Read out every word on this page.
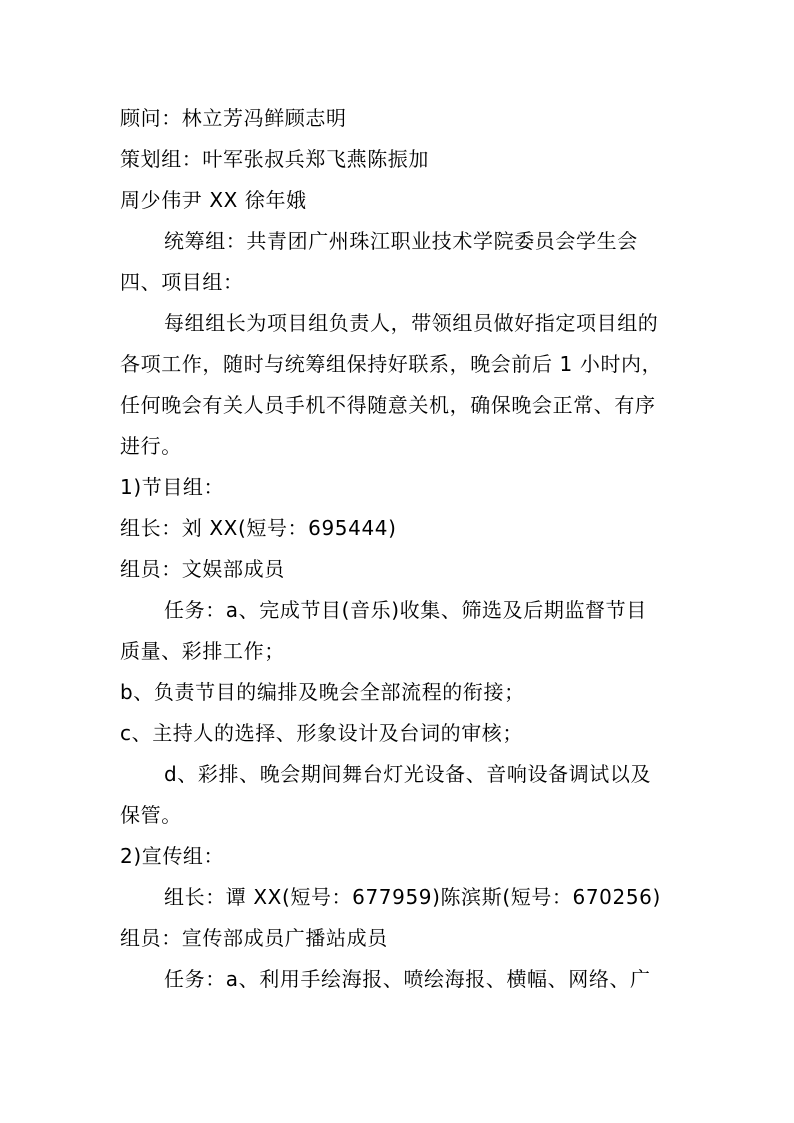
顾问：林立芳冯鲜顾志明
策划组：叶军张叔兵郑飞燕陈振加
周少伟尹 XX 徐年娥
统筹组：共青团广州珠江职业技术学院委员会学生会
四、项目组：
每组组长为项目组负责人，带领组员做好指定项目组的
各项工作，随时与统筹组保持好联系，晚会前后 1 小时内，
任何晚会有关人员手机不得随意关机，确保晚会正常、有序
进行。
1)节目组：
组长：刘 XX(短号：695444)
组员：文娱部成员
任务：a、完成节目(音乐)收集、筛选及后期监督节目
质量、彩排工作；
b、负责节目的编排及晚会全部流程的衔接；
c、主持人的选择、形象设计及台词的审核；
d、彩排、晚会期间舞台灯光设备、音响设备调试以及
保管。
2)宣传组：
组长：谭 XX(短号：677959)陈滨斯(短号：670256)
组员：宣传部成员广播站成员
任务：a、利用手绘海报、喷绘海报、横幅、网络、广
